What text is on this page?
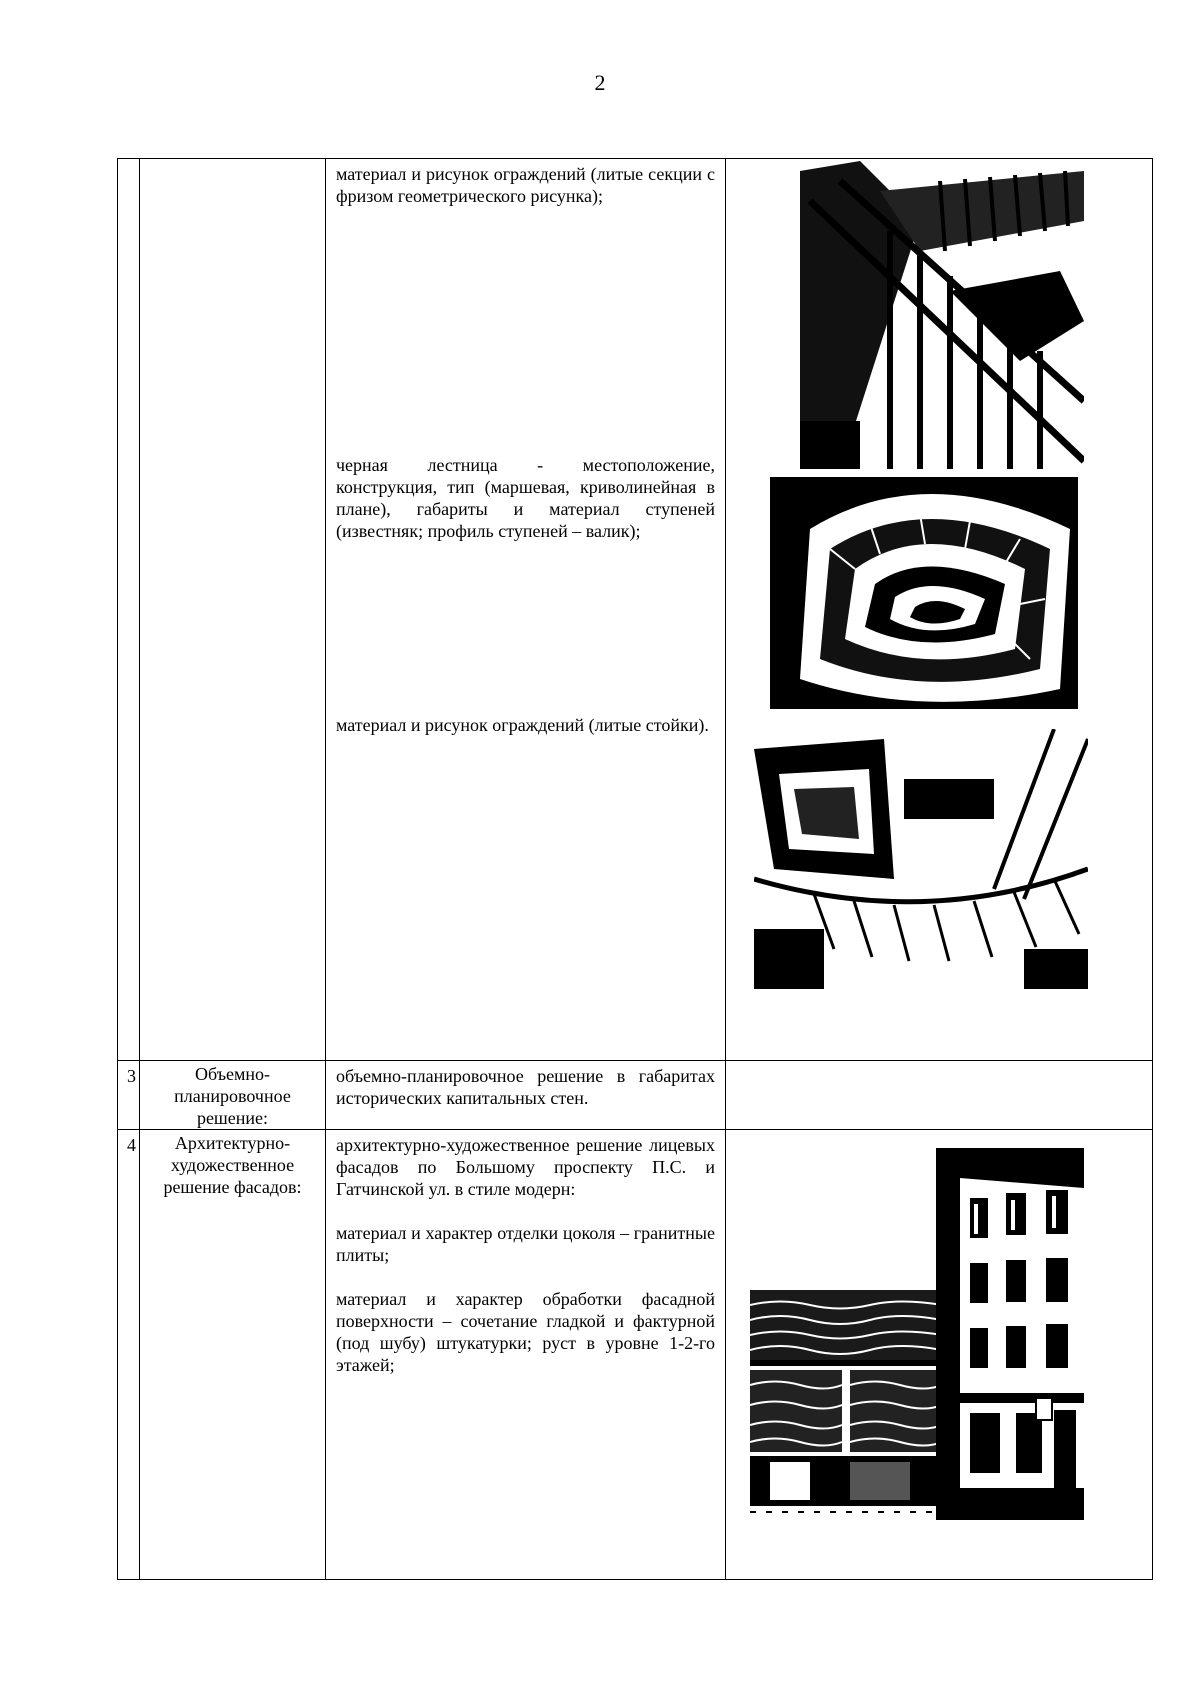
2

		материал и рисунок ограждений (литые секции с фризом геометрического рисунка);

черная лестница - местоположение, конструкция, тип (маршевая, криволинейная в плане), габариты и материал ступеней (известняк; профиль ступеней – валик);

материал и рисунок ограждений (литые стойки).

3	Объемно-планировочное решение:	объемно-планировочное решение в габаритах исторических капитальных стен.	

4	Архитектурно-художественное решение фасадов:	архитектурно-художественное решение лицевых фасадов по Большому проспекту П.С. и Гатчинской ул. в стиле модерн:

материал и характер отделки цоколя – гранитные плиты;

материал и характер обработки фасадной поверхности – сочетание гладкой и фактурной (под шубу) штукатурки; руст в уровне 1-2-го этажей;
